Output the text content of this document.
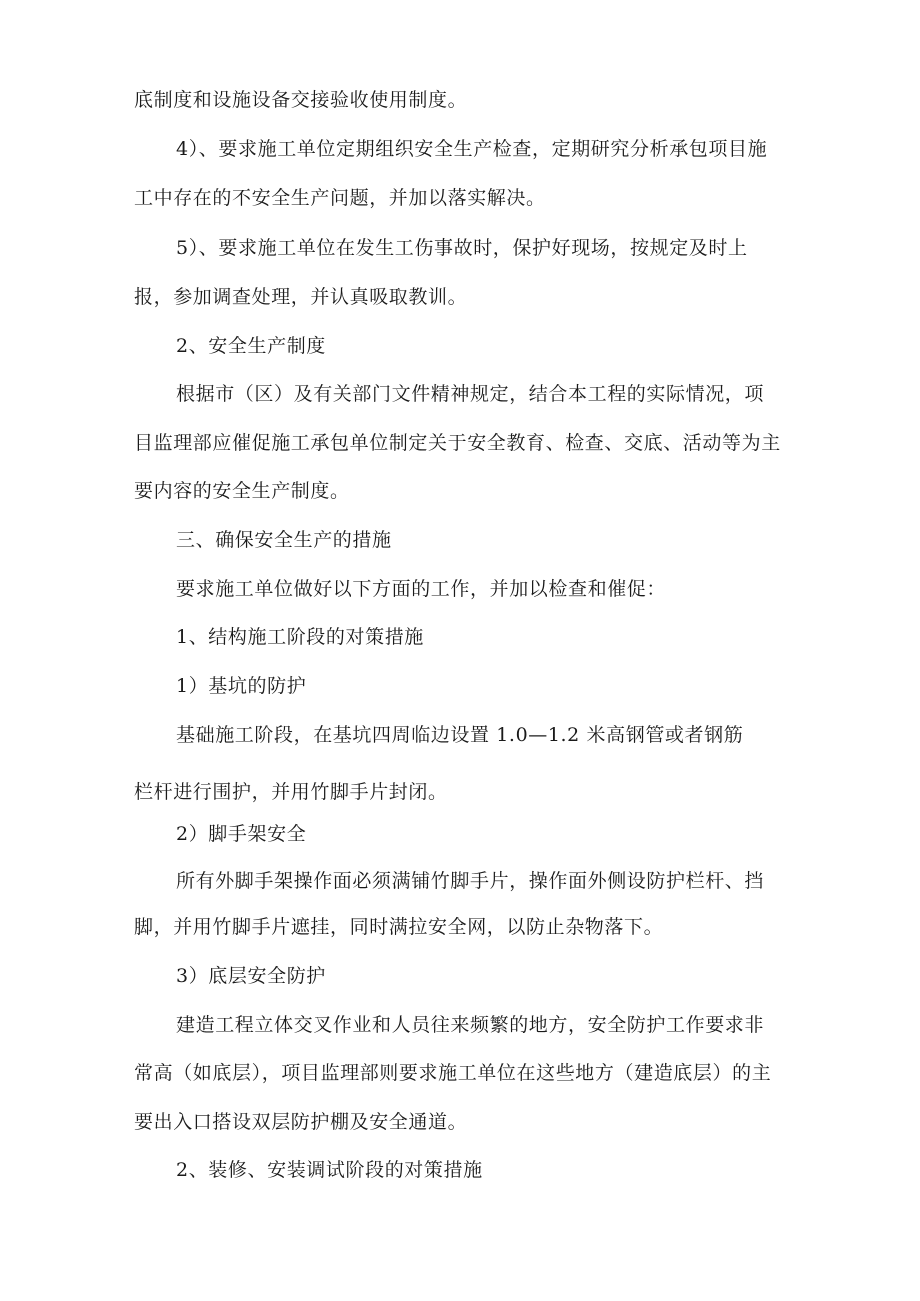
底制度和设施设备交接验收使用制度。
4）、要求施工单位定期组织安全生产检查，定期研究分析承包项目施
工中存在的不安全生产问题，并加以落实解决。
5）、要求施工单位在发生工伤事故时，保护好现场，按规定及时上
报，参加调查处理，并认真吸取教训。
2、安全生产制度
根据市（区）及有关部门文件精神规定，结合本工程的实际情况，项
目监理部应催促施工承包单位制定关于安全教育、检查、交底、活动等为主
要内容的安全生产制度。
三、确保安全生产的措施
要求施工单位做好以下方面的工作，并加以检查和催促：
1、结构施工阶段的对策措施
1）基坑的防护
基础施工阶段，在基坑四周临边设置 1.0—1.2 米高钢管或者钢筋
栏杆进行围护，并用竹脚手片封闭。
2）脚手架安全
所有外脚手架操作面必须满铺竹脚手片，操作面外侧设防护栏杆、挡
脚，并用竹脚手片遮挂，同时满拉安全网，以防止杂物落下。
3）底层安全防护
建造工程立体交叉作业和人员往来频繁的地方，安全防护工作要求非
常高（如底层），项目监理部则要求施工单位在这些地方（建造底层）的主
要出入口搭设双层防护棚及安全通道。
2、装修、安装调试阶段的对策措施
